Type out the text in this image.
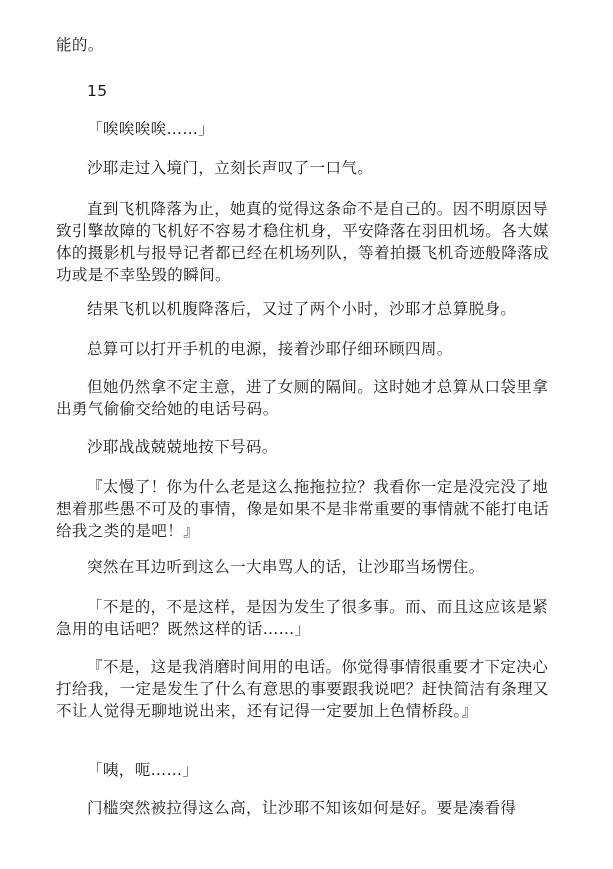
能的。

15

「唉唉唉唉……」

沙耶走过入境门，立刻长声叹了一口气。

直到飞机降落为止，她真的觉得这条命不是自己的。因不明原因导致引擎故障的飞机好不容易才稳住机身，平安降落在羽田机场。各大媒体的摄影机与报导记者都已经在机场列队，等着拍摄飞机奇迹般降落成功或是不幸坠毁的瞬间。

结果飞机以机腹降落后，又过了两个小时，沙耶才总算脱身。

总算可以打开手机的电源，接着沙耶仔细环顾四周。

但她仍然拿不定主意，进了女厕的隔间。这时她才总算从口袋里拿出勇气偷偷交给她的电话号码。

沙耶战战兢兢地按下号码。

『太慢了！你为什么老是这么拖拖拉拉？我看你一定是没完没了地想着那些愚不可及的事情，像是如果不是非常重要的事情就不能打电话给我之类的是吧！』

突然在耳边听到这么一大串骂人的话，让沙耶当场愣住。

「不是的，不是这样，是因为发生了很多事。而、而且这应该是紧急用的电话吧？既然这样的话……」

『不是，这是我消磨时间用的电话。你觉得事情很重要才下定决心打给我，一定是发生了什么有意思的事要跟我说吧？赶快简洁有条理又不让人觉得无聊地说出来，还有记得一定要加上色情桥段。』

「咦，呃……」

门槛突然被拉得这么高，让沙耶不知该如何是好。要是凑看得
